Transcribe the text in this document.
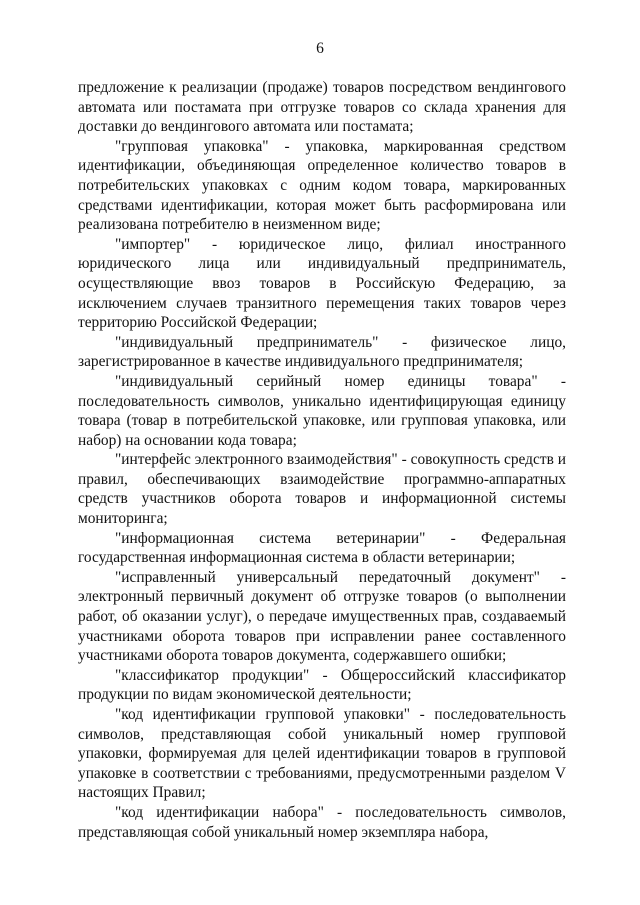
6

предложение к реализации (продаже) товаров посредством вендингового автомата или постамата при отгрузке товаров со склада хранения для доставки до вендингового автомата или постамата;

"групповая упаковка" - упаковка, маркированная средством идентификации, объединяющая определенное количество товаров в потребительских упаковках с одним кодом товара, маркированных средствами идентификации, которая может быть расформирована или реализована потребителю в неизменном виде;

"импортер" - юридическое лицо, филиал иностранного юридического лица или индивидуальный предприниматель, осуществляющие ввоз товаров в Российскую Федерацию, за исключением случаев транзитного перемещения таких товаров через территорию Российской Федерации;

"индивидуальный предприниматель" - физическое лицо, зарегистрированное в качестве индивидуального предпринимателя;

"индивидуальный серийный номер единицы товара" - последовательность символов, уникально идентифицирующая единицу товара (товар в потребительской упаковке, или групповая упаковка, или набор) на основании кода товара;

"интерфейс электронного взаимодействия" - совокупность средств и правил, обеспечивающих взаимодействие программно-аппаратных средств участников оборота товаров и информационной системы мониторинга;

"информационная система ветеринарии" - Федеральная государственная информационная система в области ветеринарии;

"исправленный универсальный передаточный документ" - электронный первичный документ об отгрузке товаров (о выполнении работ, об оказании услуг), о передаче имущественных прав, создаваемый участниками оборота товаров при исправлении ранее составленного участниками оборота товаров документа, содержавшего ошибки;

"классификатор продукции" - Общероссийский классификатор продукции по видам экономической деятельности;

"код идентификации групповой упаковки" - последовательность символов, представляющая собой уникальный номер групповой упаковки, формируемая для целей идентификации товаров в групповой упаковке в соответствии с требованиями, предусмотренными разделом V настоящих Правил;

"код идентификации набора" - последовательность символов, представляющая собой уникальный номер экземпляра набора,
